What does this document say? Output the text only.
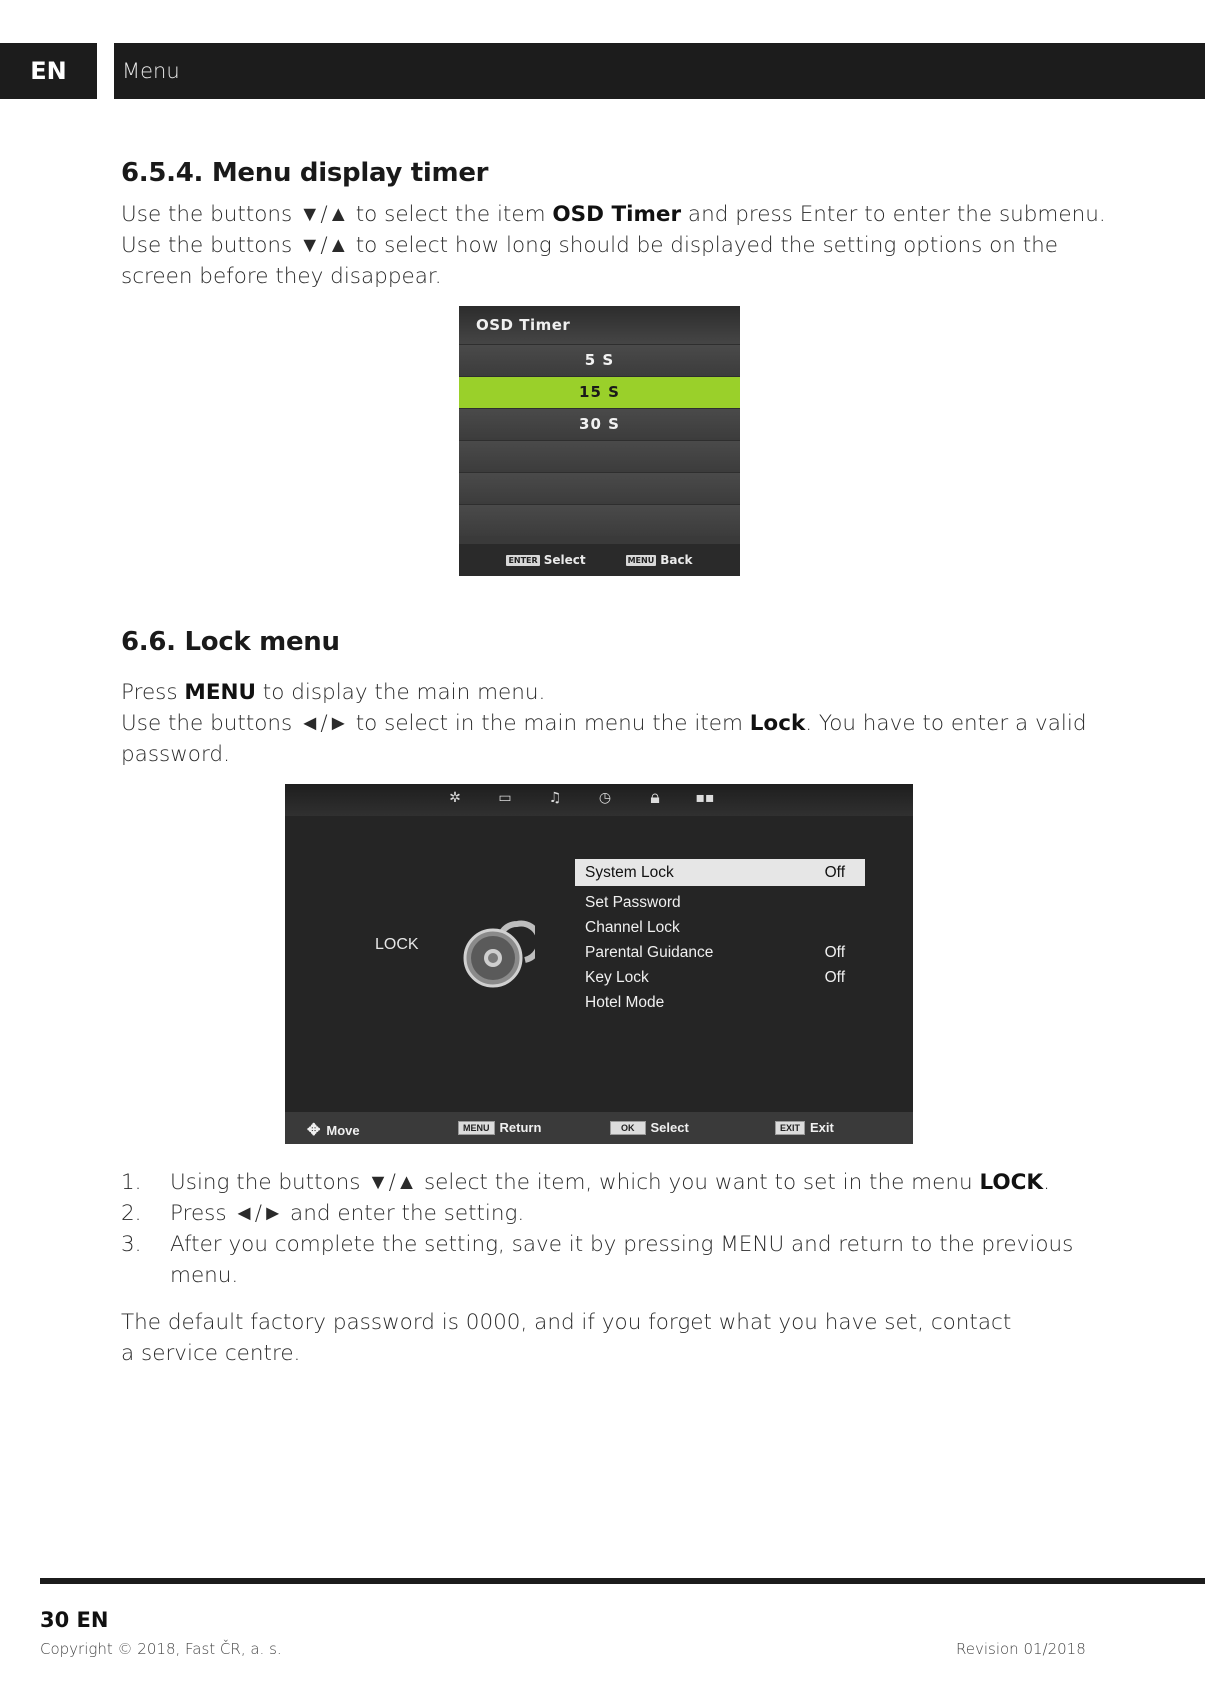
EN	Menu
6.5.4. Menu display timer
Use the buttons ▼/▲ to select the item OSD Timer and press Enter to enter the submenu.
Use the buttons ▼/▲ to select how long should be displayed the setting options on the
screen before they disappear.
OSD Timer
5 S
15 S
30 S
ENTER Select	MENU Back
6.6. Lock menu
Press MENU to display the main menu.
Use the buttons ◄/► to select in the main menu the item Lock. You have to enter a valid
password.
✲	▭	♫	◷ 🔒︎	▪▪
LOCK
System Lock	Off
Set Password
Channel Lock
Parental Guidance	Off
Key Lock	Off
Hotel Mode
✥ Move	MENU Return	OK	Select	EXIT Exit
1.	Using the buttons ▼/▲ select the item, which you want to set in the menu LOCK.
2.	Press ◄/► and enter the setting.
3.	After you complete the setting, save it by pressing MENU and return to the previous
menu.
The default factory password is 0000, and if you forget what you have set, contact
a service centre.
30 EN
Copyright © 2018, Fast ČR, a. s.	Revision 01/2018
